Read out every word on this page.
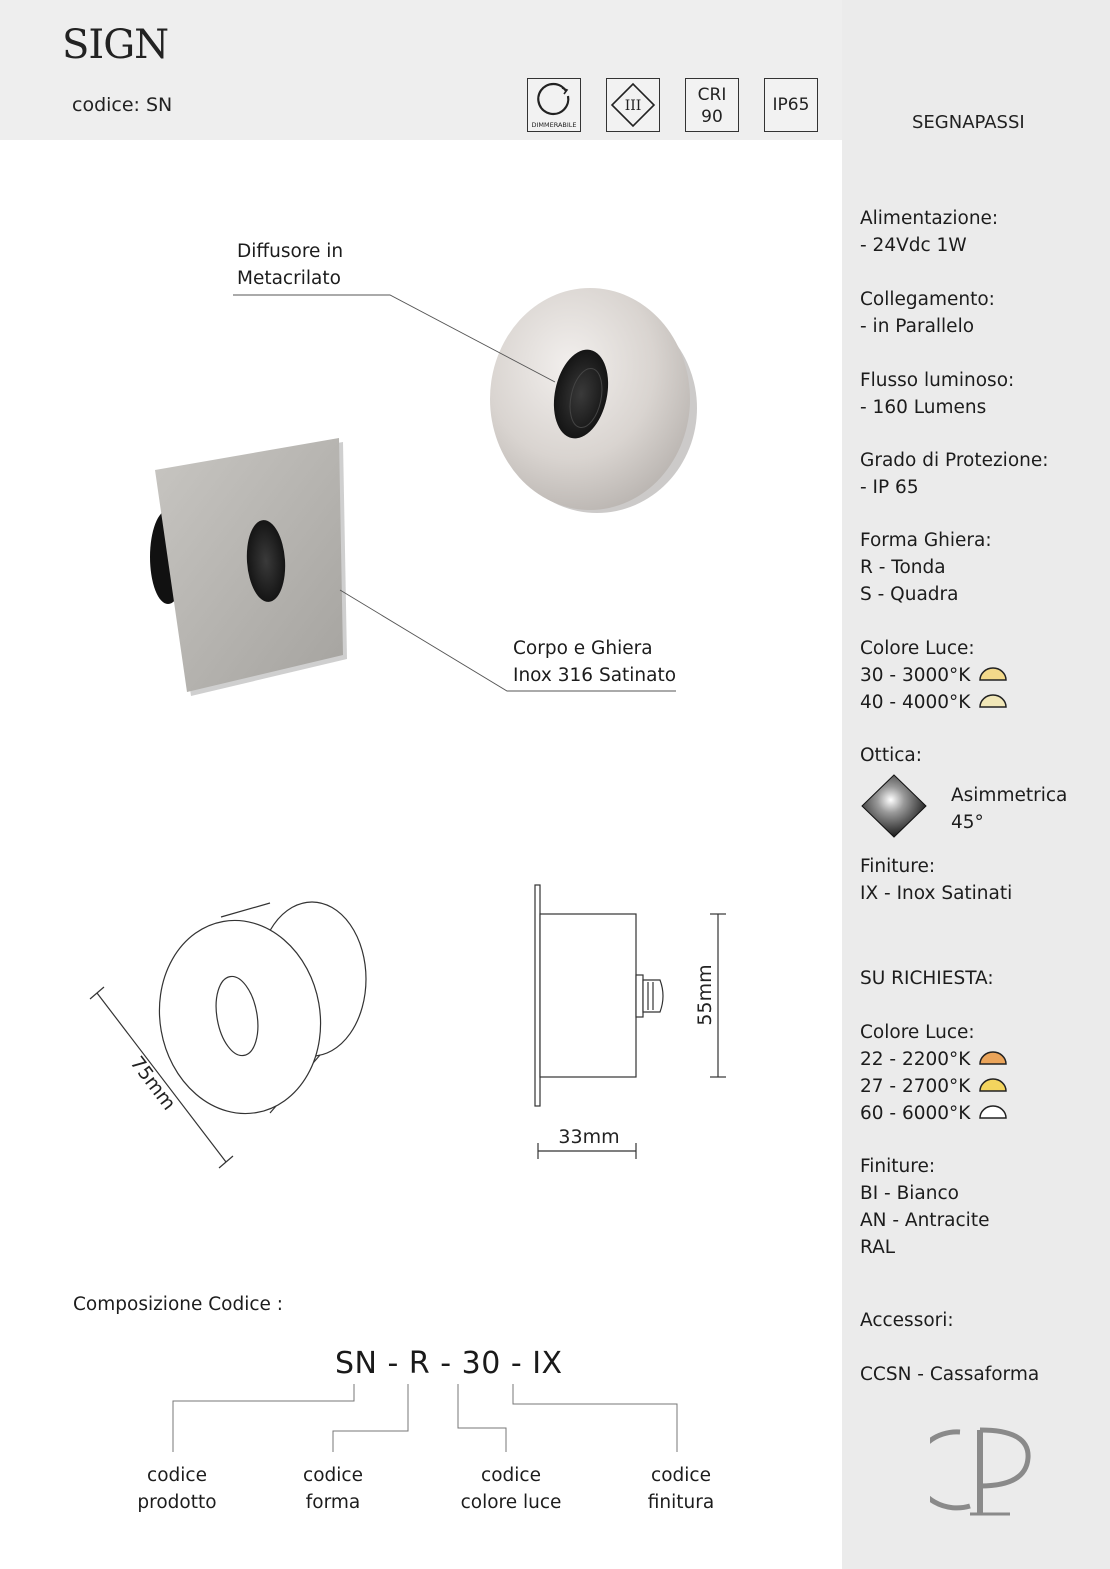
SIGN
codice: SN
DIMMERABILE
III
CRI
90
IP65
SEGNAPASSI
75mm
55mm
33mm
Diffusore in
Metacrilato
Corpo e Ghiera
Inox 316 Satinato
Composizione Codice :
SN - R - 30 - IX
codice
prodotto
codice
forma
codice
colore luce
codice
finitura
Alimentazione:
- 24Vdc 1W
Collegamento:
- in Parallelo
Flusso luminoso:
- 160 Lumens
Grado di Protezione:
- IP 65
Forma Ghiera:
R - Tonda
S - Quadra
Colore Luce:
30 - 3000°K
40 - 4000°K
Ottica:
Asimmetrica
45°
Finiture:
IX - Inox Satinati
SU RICHIESTA:
Colore Luce:
22 - 2200°K
27 - 2700°K
60 - 6000°K
Finiture:
BI - Bianco
AN - Antracite
RAL
Accessori:
CCSN - Cassaforma
